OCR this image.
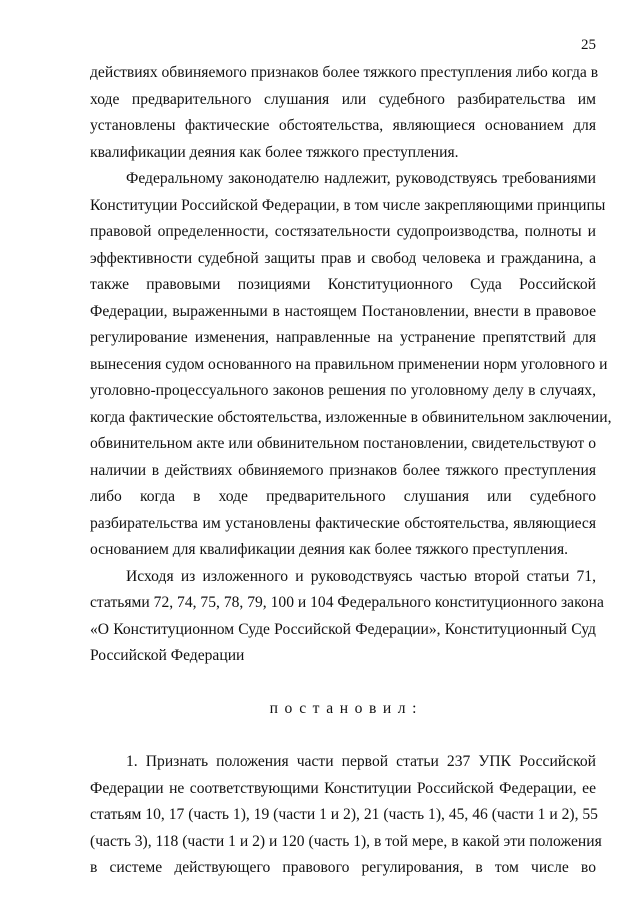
25
действиях обвиняемого признаков более тяжкого преступления либо когда в
ходе предварительного слушания или судебного разбирательства им
установлены фактические обстоятельства, являющиеся основанием для
квалификации деяния как более тяжкого преступления.
Федеральному законодателю надлежит, руководствуясь требованиями
Конституции Российской Федерации, в том числе закрепляющими принципы
правовой определенности, состязательности судопроизводства, полноты и
эффективности судебной защиты прав и свобод человека и гражданина, а
также правовыми позициями Конституционного Суда Российской
Федерации, выраженными в настоящем Постановлении, внести в правовое
регулирование изменения, направленные на устранение препятствий для
вынесения судом основанного на правильном применении норм уголовного и
уголовно-процессуального законов решения по уголовному делу в случаях,
когда фактические обстоятельства, изложенные в обвинительном заключении,
обвинительном акте или обвинительном постановлении, свидетельствуют о
наличии в действиях обвиняемого признаков более тяжкого преступления
либо когда в ходе предварительного слушания или судебного
разбирательства им установлены фактические обстоятельства, являющиеся
основанием для квалификации деяния как более тяжкого преступления.
Исходя из изложенного и руководствуясь частью второй статьи 71,
статьями 72, 74, 75, 78, 79, 100 и 104 Федерального конституционного закона
«О Конституционном Суде Российской Федерации», Конституционный Суд
Российской Федерации
постановил:
1. Признать положения части первой статьи 237 УПК Российской
Федерации не соответствующими Конституции Российской Федерации, ее
статьям 10, 17 (часть 1), 19 (части 1 и 2), 21 (часть 1), 45, 46 (части 1 и 2), 55
(часть 3), 118 (части 1 и 2) и 120 (часть 1), в той мере, в какой эти положения
в системе действующего правового регулирования, в том числе во
